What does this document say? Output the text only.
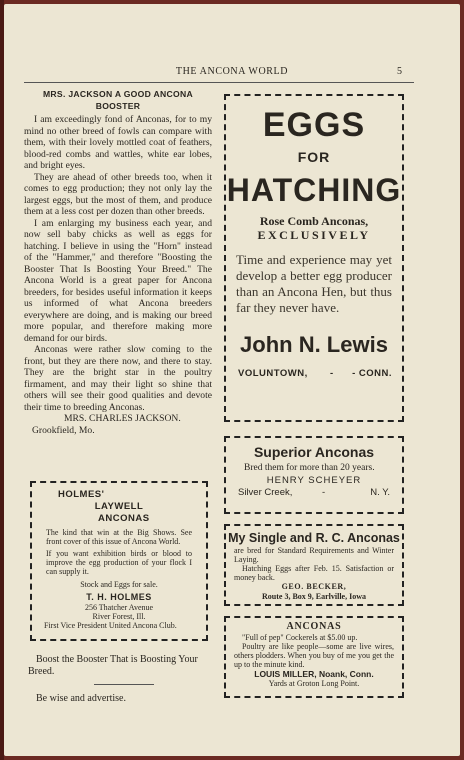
THE ANCONA WORLD	5
MRS. JACKSON A GOOD ANCONA
BOOSTER

I am exceedingly fond of Anconas, for to my mind no other breed of fowls can compare with them, with their lovely mottled coat of feathers, blood-red combs and wattles, white ear lobes, and bright eyes.

They are ahead of other breeds too, when it comes to egg production; they not only lay the largest eggs, but the most of them, and produce them at a less cost per dozen than other breeds.

I am enlarging my business each year, and now sell baby chicks as well as eggs for hatching. I believe in using the "Horn" instead of the "Hammer," and therefore "Boosting the Booster That Is Boosting Your Breed." The Ancona World is a great paper for Ancona breeders, for besides useful information it keeps us informed of what Ancona breeders everywhere are doing, and is making our breed more popular, and therefore making more demand for our birds.

Anconas were rather slow coming to the front, but they are there now, and there to stay. They are the bright star in the poultry firmament, and may their light so shine that others will see their good qualities and devote their time to breeding Anconas.

MRS. CHARLES JACKSON.
Grookfield, Mo.
HOLMES'
LAYWELL
ANCONAS
The kind that win at the Big Shows. See front cover of this issue of Ancona World.
If you want exhibition birds or blood to improve the egg production of your flock I can supply it.
Stock and Eggs for sale.
T. H. HOLMES
256 Thatcher Avenue
River Forest, Ill.
First Vice President United Ancona Club.
Boost the Booster That is Boosting Your Breed.
Be wise and advertise.
EGGS
FOR
HATCHING
Rose Comb Anconas,
EXCLUSIVELY
Time and experience may yet develop a better egg producer than an Ancona Hen, but thus far they never have.
John N. Lewis
VOLUNTOWN, - - CONN.
Superior Anconas
Bred them for more than 20 years.
HENRY SCHEYER
Silver Creek,	-	N. Y.
My Single and R. C. Anconas
are bred for Standard Requirements and Winter Laying.
Hatching Eggs after Feb. 15. Satisfaction or money back.
GEO. BECKER,
Route 3, Box 9, Earlville, Iowa
ANCONAS
"Full of pep" Cockerels at $5.00 up.
Poultry are like people—some are live wires, others plodders. When you buy of me you get the up to the minute kind.
LOUIS MILLER, Noank, Conn.
Yards at Groton Long Point.
